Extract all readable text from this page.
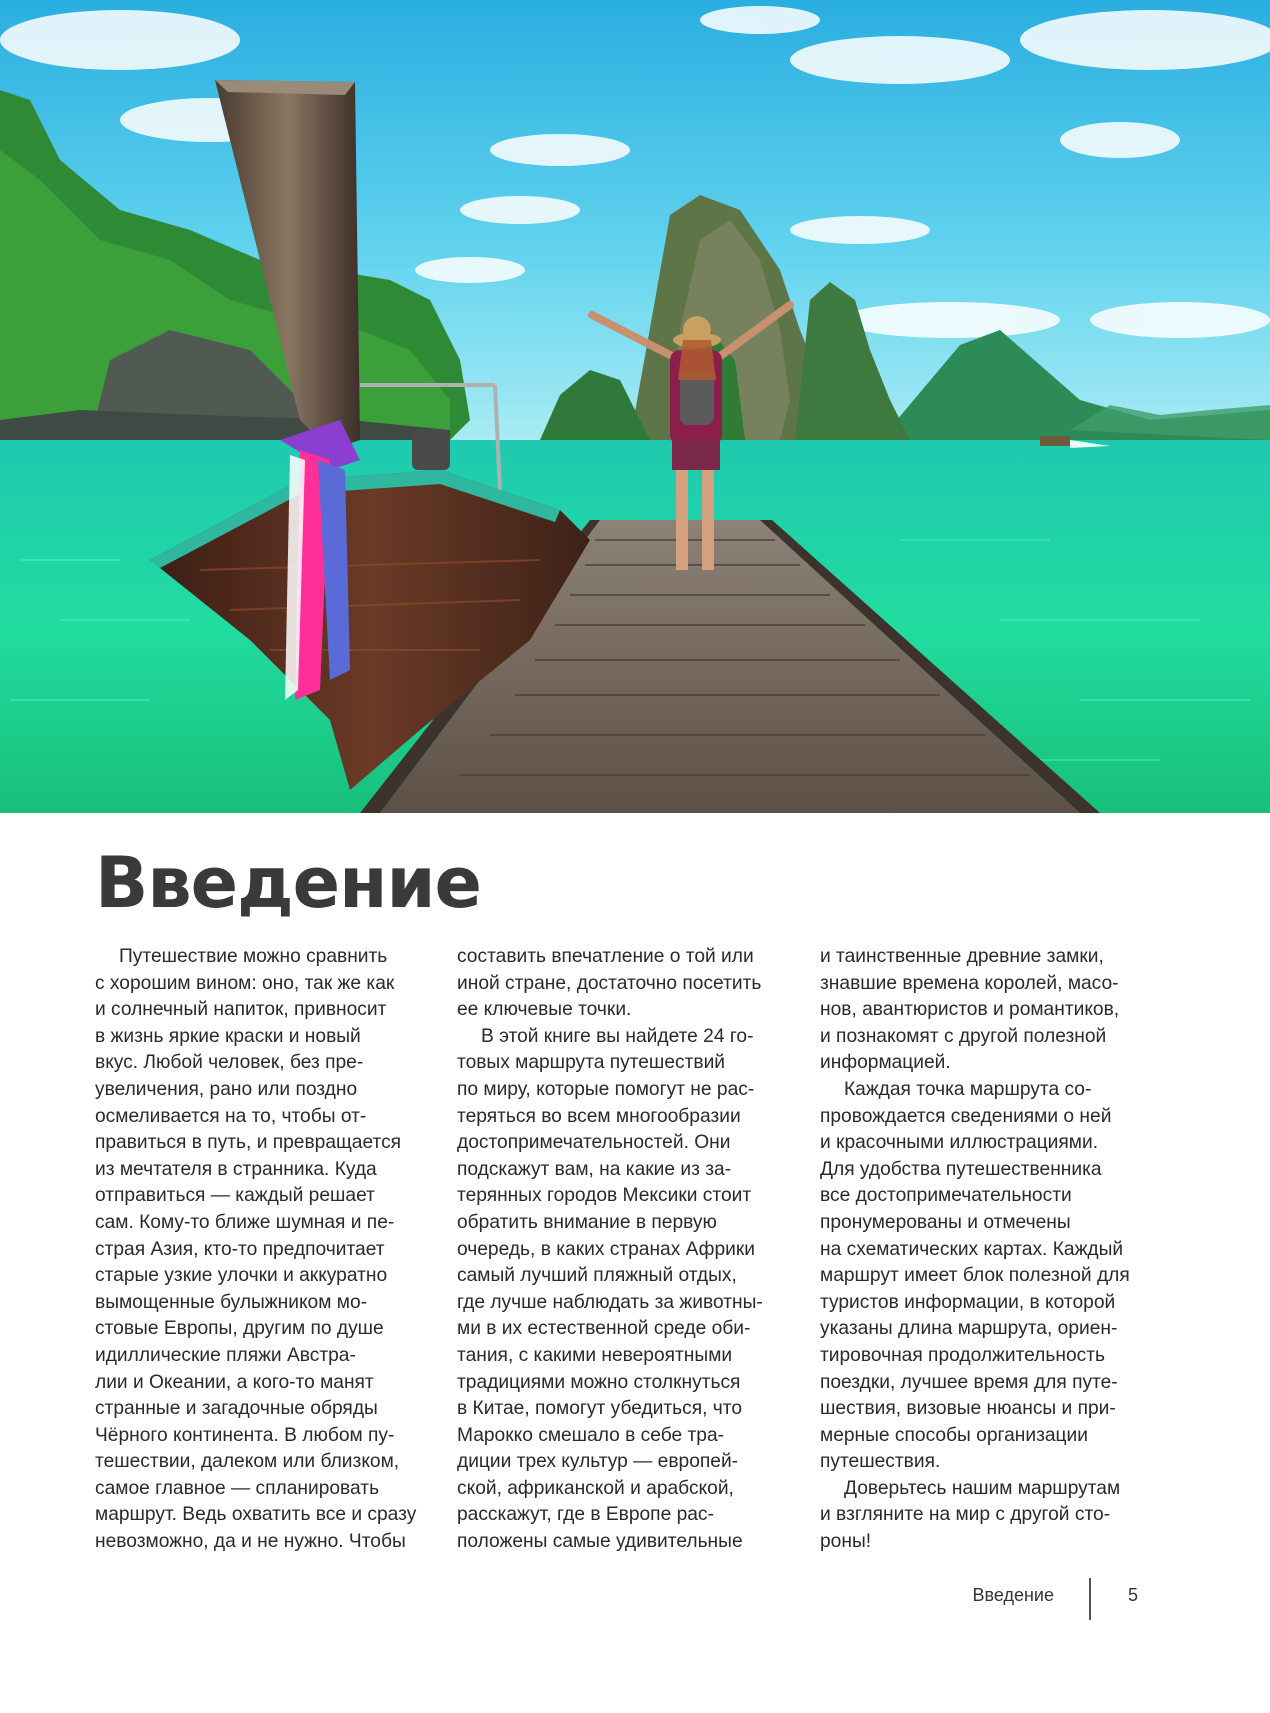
Введение
Путешествие можно сравнить
с хорошим вином: оно, так же как
и солнечный напиток, привносит
в жизнь яркие краски и новый
вкус. Любой человек, без пре-
увеличения, рано или поздно
осмеливается на то, чтобы от-
правиться в путь, и превращается
из мечтателя в странника. Куда
отправиться — каждый решает
сам. Кому-то ближе шумная и пе-
страя Азия, кто-то предпочитает
старые узкие улочки и аккуратно
вымощенные булыжником мо-
стовые Европы, другим по душе
идиллические пляжи Австра-
лии и Океании, а кого-то манят
странные и загадочные обряды
Чёрного континента. В любом пу-
тешествии, далеком или близком,
самое главное — спланировать
маршрут. Ведь охватить все и сразу
невозможно, да и не нужно. Чтобы
составить впечатление о той или
иной стране, достаточно посетить
ее ключевые точки.
В этой книге вы найдете 24 го-
товых маршрута путешествий
по миру, которые помогут не рас-
теряться во всем многообразии
достопримечательностей. Они
подскажут вам, на какие из за-
терянных городов Мексики стоит
обратить внимание в первую
очередь, в каких странах Африки
самый лучший пляжный отдых,
где лучше наблюдать за животны-
ми в их естественной среде оби-
тания, с какими невероятными
традициями можно столкнуться
в Китае, помогут убедиться, что
Марокко смешало в себе тра-
диции трех культур — европей-
ской, африканской и арабской,
расскажут, где в Европе рас-
положены самые удивительные
и таинственные древние замки,
знавшие времена королей, масо-
нов, авантюристов и романтиков,
и познакомят с другой полезной
информацией.
Каждая точка маршрута со-
провождается сведениями о ней
и красочными иллюстрациями.
Для удобства путешественника
все достопримечательности
пронумерованы и отмечены
на схематических картах. Каждый
маршрут имеет блок полезной для
туристов информации, в которой
указаны длина маршрута, ориен-
тировочная продолжительность
поездки, лучшее время для путе-
шествия, визовые нюансы и при-
мерные способы организации
путешествия.
Доверьтесь нашим маршрутам
и взгляните на мир с другой сто-
роны!
Введение	5
